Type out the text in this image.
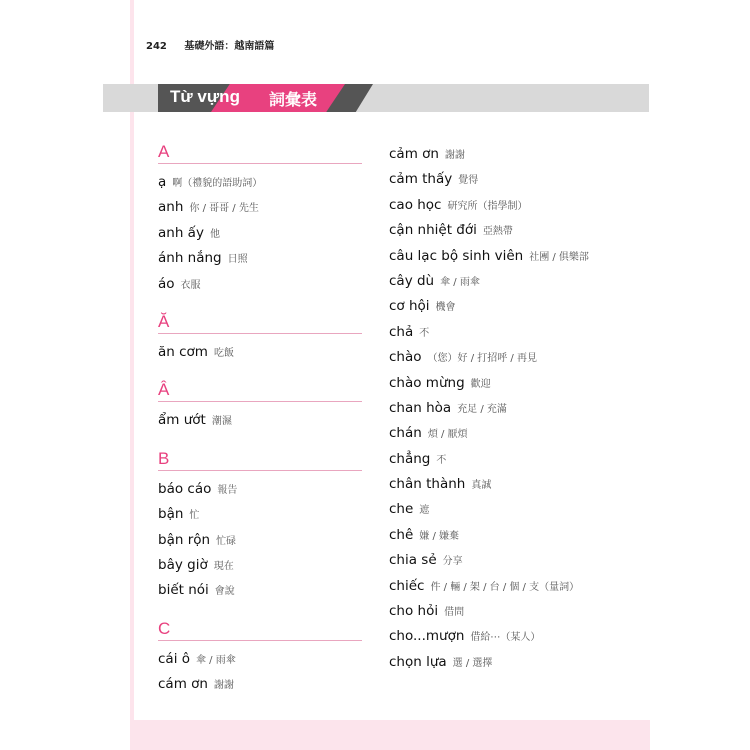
242 基礎外語：越南語篇
Từ vựng 詞彙表
A
ạ 啊（禮貌的語助詞）
anh 你 / 哥哥 / 先生
anh ấy 他
ánh nắng 日照
áo 衣服
Ă
ăn cơm 吃飯
Â
ẩm ướt 潮濕
B
báo cáo 報告
bận 忙
bận rộn 忙碌
bây giờ 現在
biết nói 會說
C
cái ô 傘 / 雨傘
cám ơn 謝謝
cảm ơn 謝謝
cảm thấy 覺得
cao học 研究所（指學制）
cận nhiệt đới 亞熱帶
câu lạc bộ sinh viên 社團 / 俱樂部
cây dù 傘 / 雨傘
cơ hội 機會
chả 不
chào （您）好 / 打招呼 / 再見
chào mừng 歡迎
chan hòa 充足 / 充滿
chán 煩 / 厭煩
chẳng 不
chân thành 真誠
che 遮
chê 嫌 / 嫌棄
chia sẻ 分享
chiếc 件 / 輛 / 架 / 台 / 個 / 支（量詞）
cho hỏi 借問
cho...mượn 借給⋯（某人）
chọn lựa 選 / 選擇
